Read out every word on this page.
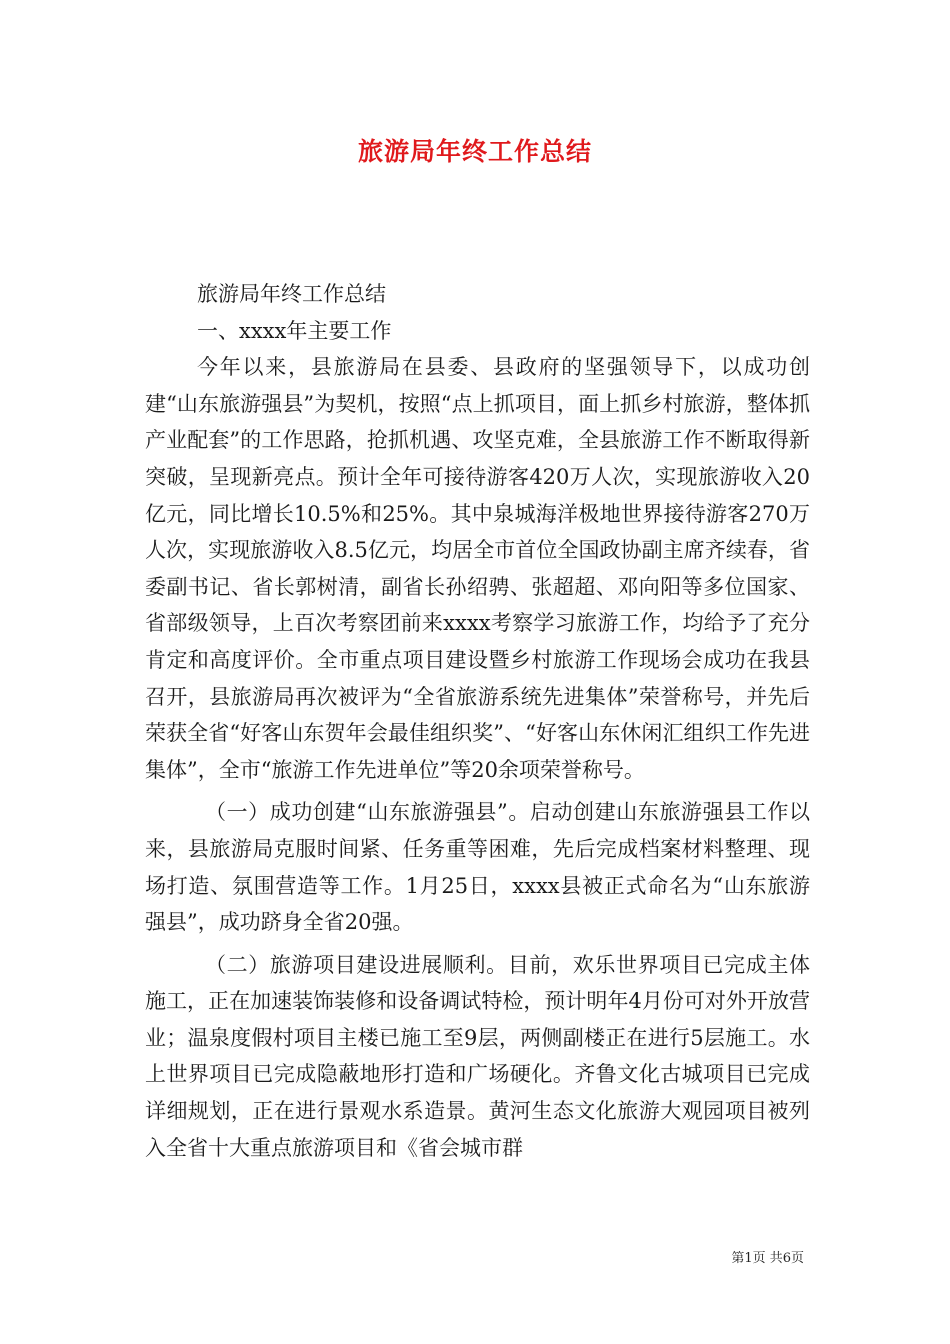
旅游局年终工作总结

旅游局年终工作总结

一、xxxx年主要工作

今年以来，县旅游局在县委、县政府的坚强领导下，以成功创建“山东旅游强县”为契机，按照“点上抓项目，面上抓乡村旅游，整体抓产业配套”的工作思路，抢抓机遇、攻坚克难，全县旅游工作不断取得新突破，呈现新亮点。预计全年可接待游客420万人次，实现旅游收入20亿元，同比增长10.5%和25%。其中泉城海洋极地世界接待游客270万人次，实现旅游收入8.5亿元，均居全市首位全国政协副主席齐续春，省委副书记、省长郭树清，副省长孙绍骋、张超超、邓向阳等多位国家、省部级领导，上百次考察团前来xxxx考察学习旅游工作，均给予了充分肯定和高度评价。全市重点项目建设暨乡村旅游工作现场会成功在我县召开，县旅游局再次被评为“全省旅游系统先进集体”荣誉称号，并先后荣获全省“好客山东贺年会最佳组织奖”、“好客山东休闲汇组织工作先进集体”，全市“旅游工作先进单位”等20余项荣誉称号。

（一）成功创建“山东旅游强县”。启动创建山东旅游强县工作以来，县旅游局克服时间紧、任务重等困难，先后完成档案材料整理、现场打造、氛围营造等工作。1月25日，xxxx县被正式命名为“山东旅游强县”，成功跻身全省20强。

（二）旅游项目建设进展顺利。目前，欢乐世界项目已完成主体施工，正在加速装饰装修和设备调试特检，预计明年4月份可对外开放营业；温泉度假村项目主楼已施工至9层，两侧副楼正在进行5层施工。水上世界项目已完成隐蔽地形打造和广场硬化。齐鲁文化古城项目已完成详细规划，正在进行景观水系造景。黄河生态文化旅游大观园项目被列入全省十大重点旅游项目和《省会城市群

第1页 共6页
